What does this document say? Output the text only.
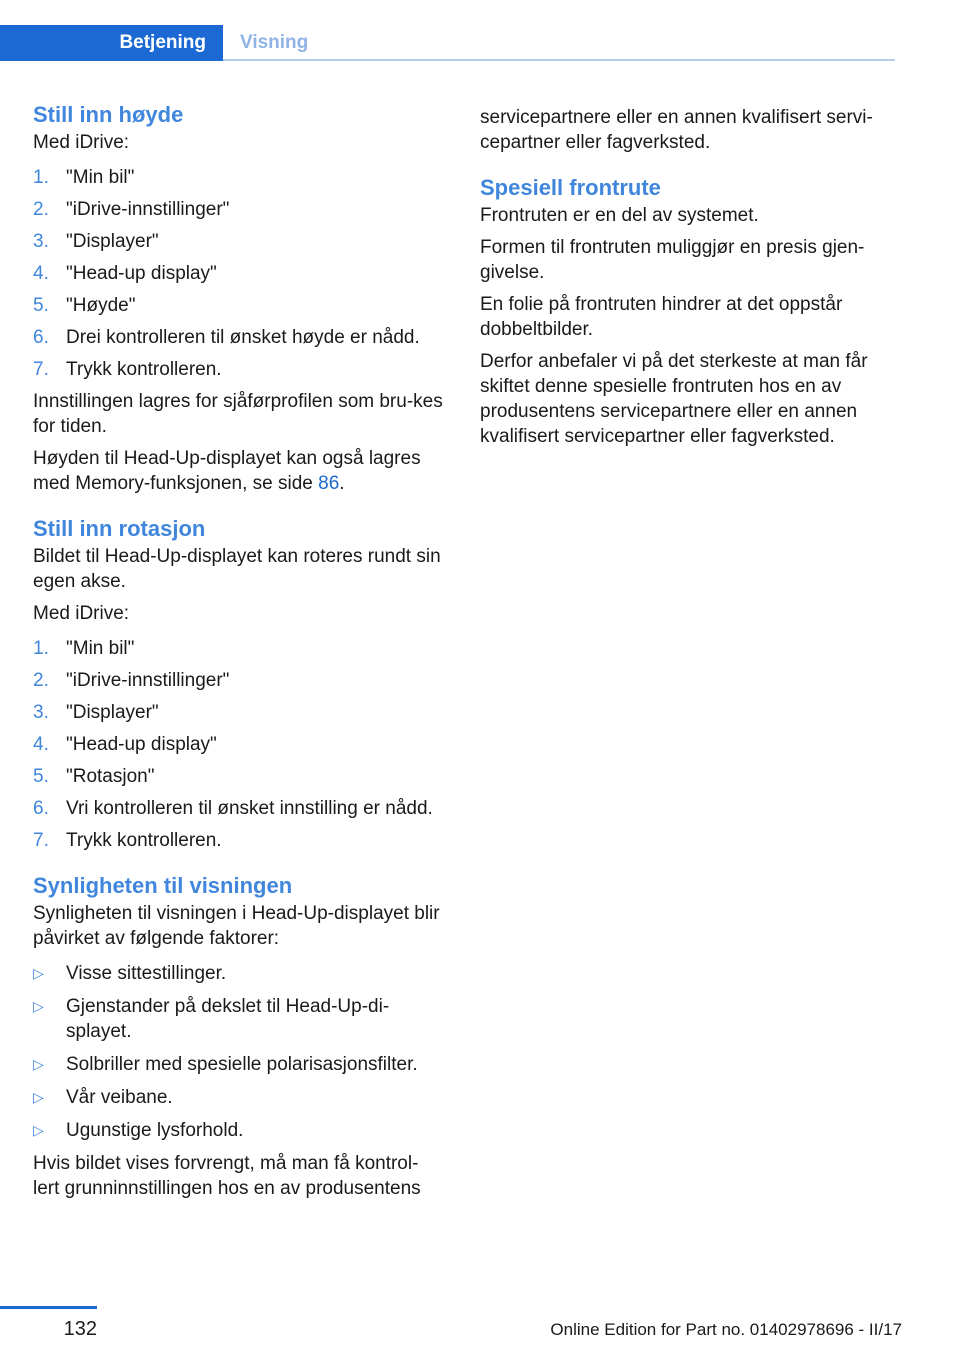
Betjening	Visning
Still inn høyde

Med iDrive:

1. "Min bil"
2. "iDrive-innstillinger"
3. "Displayer"
4. "Head-up display"
5. "Høyde"
6. Drei kontrolleren til ønsket høyde er nådd.
7. Trykk kontrolleren.

Innstillingen lagres for sjåførprofilen som bru-kes for tiden.

Høyden til Head-Up-displayet kan også lagres med Memory-funksjonen, se side 86.

Still inn rotasjon

Bildet til Head-Up-displayet kan roteres rundt sin egen akse.

Med iDrive:

1. "Min bil"
2. "iDrive-innstillinger"
3. "Displayer"
4. "Head-up display"
5. "Rotasjon"
6. Vri kontrolleren til ønsket innstilling er nådd.
7. Trykk kontrolleren.
Synligheten til visningen

Synligheten til visningen i Head-Up-displayet blir påvirket av følgende faktorer:

▷ Visse sittestillinger.
▷ Gjenstander på dekslet til Head-Up-di-splayet.
▷ Solbriller med spesielle polarisasjonsfilter.
▷ Vår veibane.
▷ Ugunstige lysforhold.

Hvis bildet vises forvrengt, må man få kontrol-lert grunninnstillingen hos en av produsentens

servicepartnere eller en annen kvalifisert servi-cepartner eller fagverksted.

Spesiell frontrute

Frontruten er en del av systemet.

Formen til frontruten muliggjør en presis gjen-givelse.

En folie på frontruten hindrer at det oppstår dobbeltbilder.

Derfor anbefaler vi på det sterkeste at man får skiftet denne spesielle frontruten hos en av produsentens servicepartnere eller en annen kvalifisert servicepartner eller fagverksted.

132	Online Edition for Part no. 01402978696 - II/17
